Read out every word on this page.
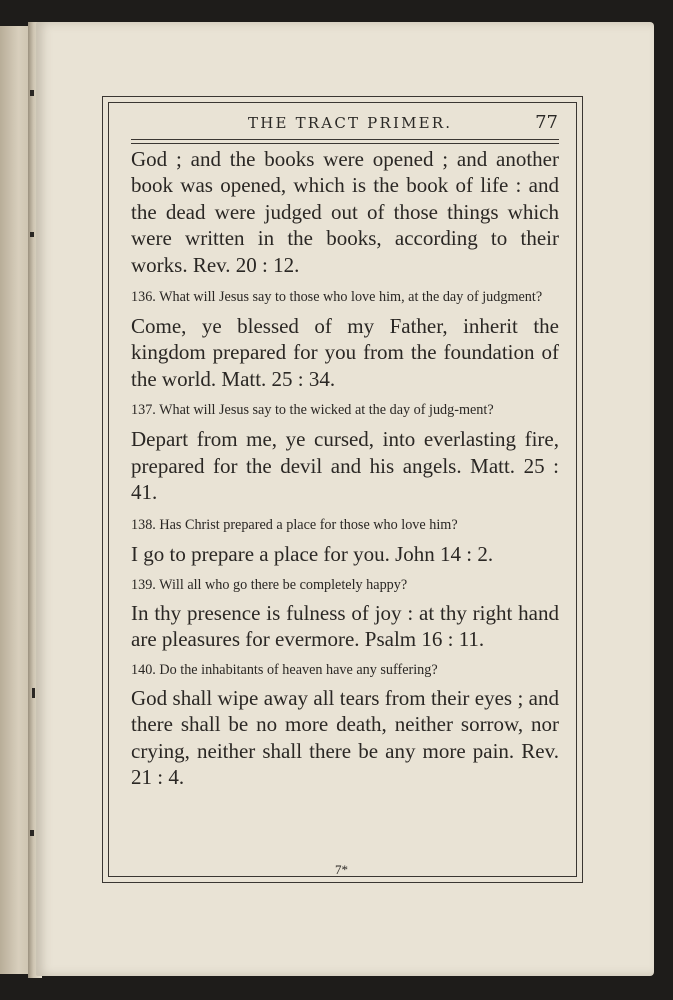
THE TRACT PRIMER.	77

God ; and the books were opened ; and another book was opened, which is the book of life : and the dead were judged out of those things which were written in the books, according to their works. Rev. 20 : 12.

136. What will Jesus say to those who love him, at the day of judgment?

Come, ye blessed of my Father, inherit the kingdom prepared for you from the foundation of the world. Matt. 25 : 34.

137. What will Jesus say to the wicked at the day of judg-ment?

Depart from me, ye cursed, into everlasting fire, prepared for the devil and his angels. Matt. 25 : 41.

138. Has Christ prepared a place for those who love him?

I go to prepare a place for you. John 14 : 2.

139. Will all who go there be completely happy?

In thy presence is fulness of joy : at thy right hand are pleasures for evermore. Psalm 16 : 11.

140. Do the inhabitants of heaven have any suffering?

God shall wipe away all tears from their eyes ; and there shall be no more death, neither sorrow, nor crying, neither shall there be any more pain. Rev. 21 : 4.

7*
